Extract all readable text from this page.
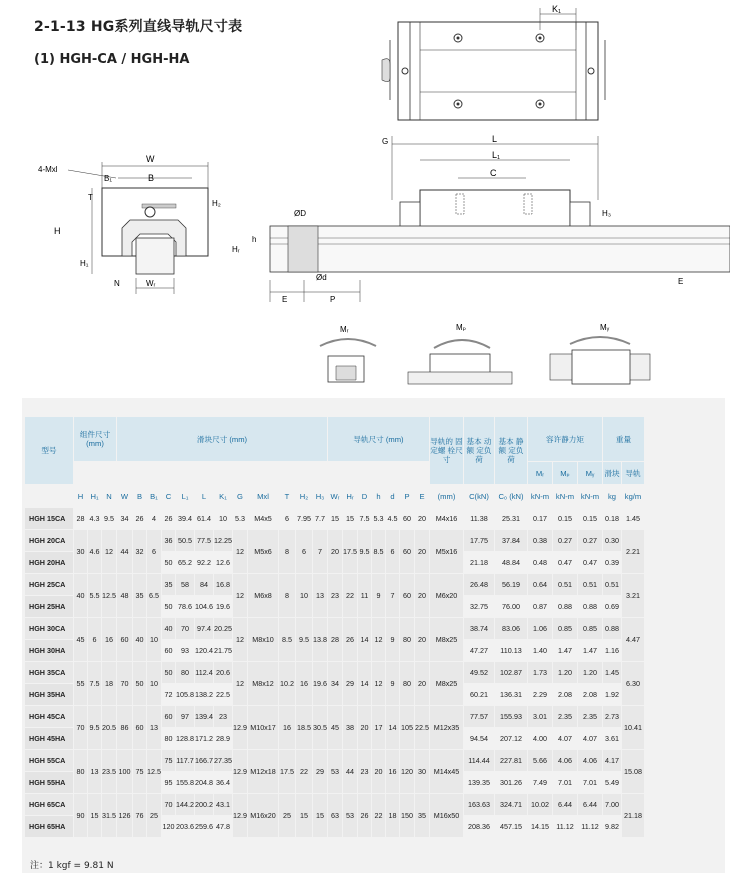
2-1-13 HG系列直线导轨尺寸表
(1) HGH-CA / HGH-HA
K₁
4-Mxl
W
B
B₁
T
H
H₁
H₂
N	Wᵣ
L
G
L₁
C
H₃
ØD
Ød
Hᵣ
h
E	P
E
Mᵣ	Mₚ	Mᵧ
型号	组件尺寸 (mm)			滑块尺寸 (mm)												导轨尺寸 (mm)							导轨的 固定螺 栓尺寸	基本 动额 定负荷	基本 静额 定负荷	容许静力矩			重量	
																										Mᵣ	Mₚ	Mᵧ	滑块	导轨
	H	H₁	N	W	B	B₁	C	L₁	L	K₁	G	Mxl	T	H₂	H₃	Wᵣ	Hᵣ	D	h	d	P	E	(mm)	C(kN)	C₀ (kN)	kN-m	kN-m	kN-m	kg	kg/m
HGH 15CA	28	4.3	9.5	34	26	4	26	39.4	61.4	10	5.3	M4x5	6	7.95	7.7	15	15	7.5	5.3	4.5	60	20	M4x16	11.38	25.31	0.17	0.15	0.15	0.18	1.45
HGH 20CA	30	4.6	12	44	32	6	36	50.5	77.5	12.25	12	M5x6	8	6	7	20	17.5	9.5	8.5	6	60	20	M5x16	17.75	37.84	0.38	0.27	0.27	0.30	2.21
HGH 20HA							50	65.2	92.2	12.6														21.18	48.84	0.48	0.47	0.47	0.39	
HGH 25CA	40	5.5	12.5	48	35	6.5	35	58	84	16.8	12	M6x8	8	10	13	23	22	11	9	7	60	20	M6x20	26.48	56.19	0.64	0.51	0.51	0.51	3.21
HGH 25HA							50	78.6	104.6	19.6														32.75	76.00	0.87	0.88	0.88	0.69	
HGH 30CA	45	6	16	60	40	10	40	70	97.4	20.25	12	M8x10	8.5	9.5	13.8	28	26	14	12	9	80	20	M8x25	38.74	83.06	1.06	0.85	0.85	0.88	4.47
HGH 30HA							60	93	120.4	21.75														47.27	110.13	1.40	1.47	1.47	1.16	
HGH 35CA	55	7.5	18	70	50	10	50	80	112.4	20.6	12	M8x12	10.2	16	19.6	34	29	14	12	9	80	20	M8x25	49.52	102.87	1.73	1.20	1.20	1.45	6.30
HGH 35HA							72	105.8	138.2	22.5														60.21	136.31	2.29	2.08	2.08	1.92	
HGH 45CA	70	9.5	20.5	86	60	13	60	97	139.4	23	12.9	M10x17	16	18.5	30.5	45	38	20	17	14	105	22.5	M12x35	77.57	155.93	3.01	2.35	2.35	2.73	10.41
HGH 45HA							80	128.8	171.2	28.9														94.54	207.12	4.00	4.07	4.07	3.61	
HGH 55CA	80	13	23.5	100	75	12.5	75	117.7	166.7	27.35	12.9	M12x18	17.5	22	29	53	44	23	20	16	120	30	M14x45	114.44	227.81	5.66	4.06	4.06	4.17	15.08
HGH 55HA							95	155.8	204.8	36.4														139.35	301.26	7.49	7.01	7.01	5.49	
HGH 65CA	90	15	31.5	126	76	25	70	144.2	200.2	43.1	12.9	M16x20	25	15	15	63	53	26	22	18	150	35	M16x50	163.63	324.71	10.02	6.44	6.44	7.00	21.18
HGH 65HA							120	203.6	259.6	47.8														208.36	457.15	14.15	11.12	11.12	9.82	
注：1 kgf = 9.81 N
